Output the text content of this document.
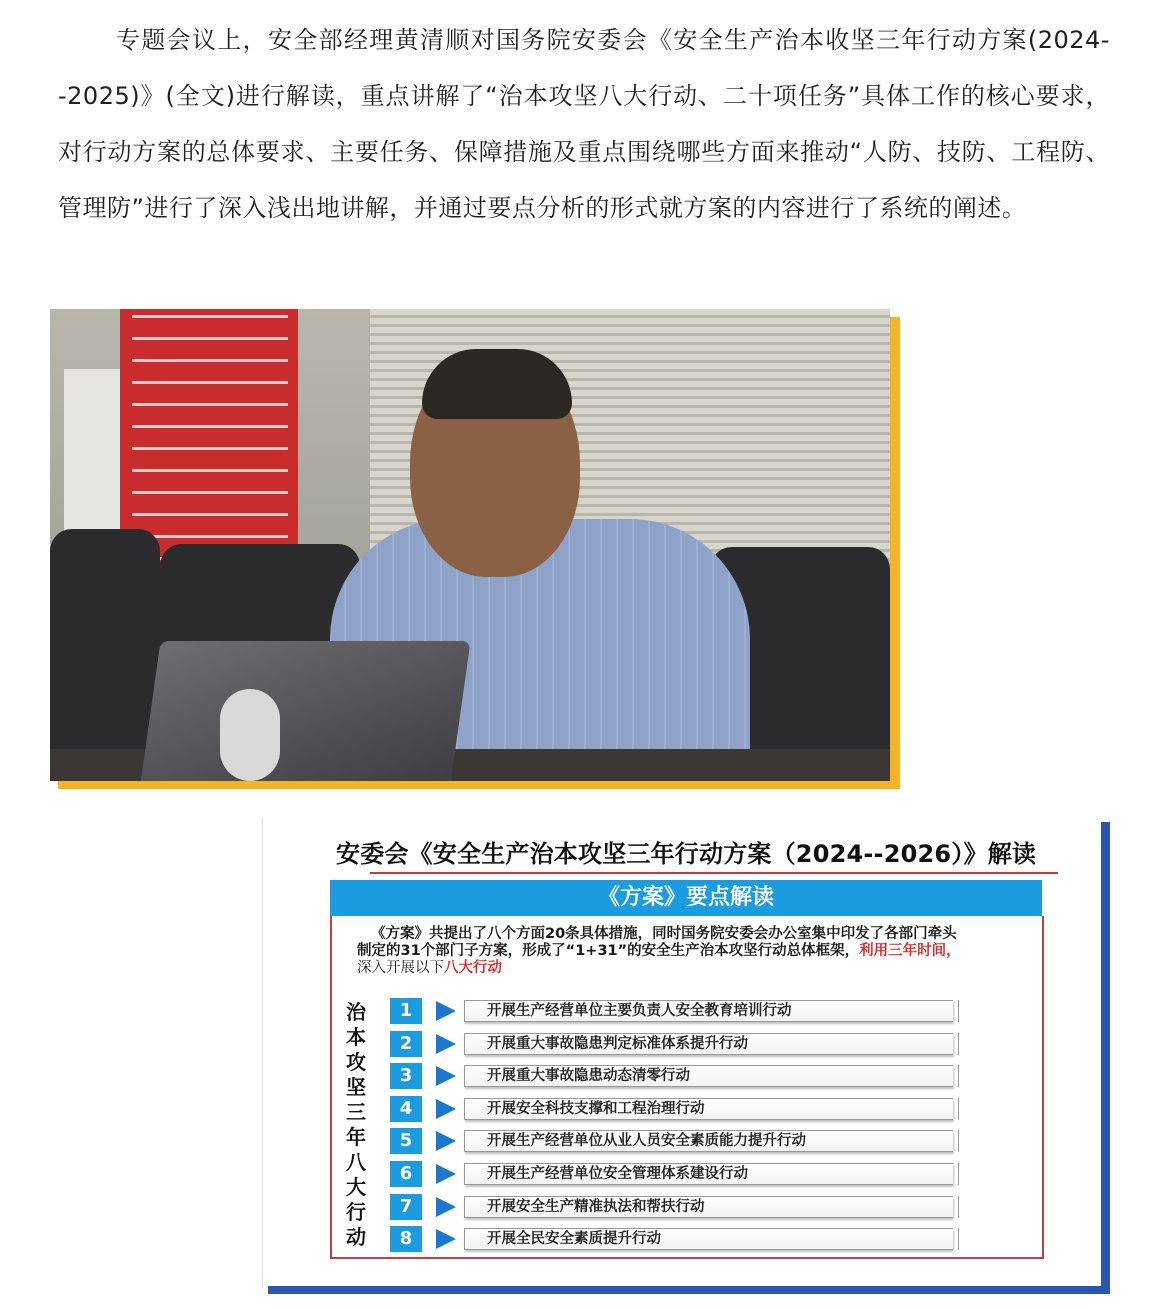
专题会议上，安全部经理黄清顺对国务院安委会《安全生产治本收坚三年行动方案(2024--2025)》(全文)进行解读，重点讲解了“治本攻坚八大行动、二十项任务”具体工作的核心要求，对行动方案的总体要求、主要任务、保障措施及重点围绕哪些方面来推动“人防、技防、工程防、管理防”进行了深入浅出地讲解，并通过要点分析的形式就方案的内容进行了系统的阐述。

安委会《安全生产治本攻坚三年行动方案（2024--2026）》解读
《方案》要点解读

《方案》共提出了八个方面20条具体措施，同时国务院安委会办公室集中印发了各部门牵头

制定的31个部门子方案，形成了“1+31”的安全生产治本攻坚行动总体框架，利用三年时间，

深入开展以下八大行动

治本攻坚三年八大行动
1	开展生产经营单位主要负责人安全教育培训行动
2	开展重大事故隐患判定标准体系提升行动
3	开展重大事故隐患动态清零行动
4	开展安全科技支撑和工程治理行动
5	开展生产经营单位从业人员安全素质能力提升行动
6	开展生产经营单位安全管理体系建设行动
7	开展安全生产精准执法和帮扶行动
8	开展全民安全素质提升行动
